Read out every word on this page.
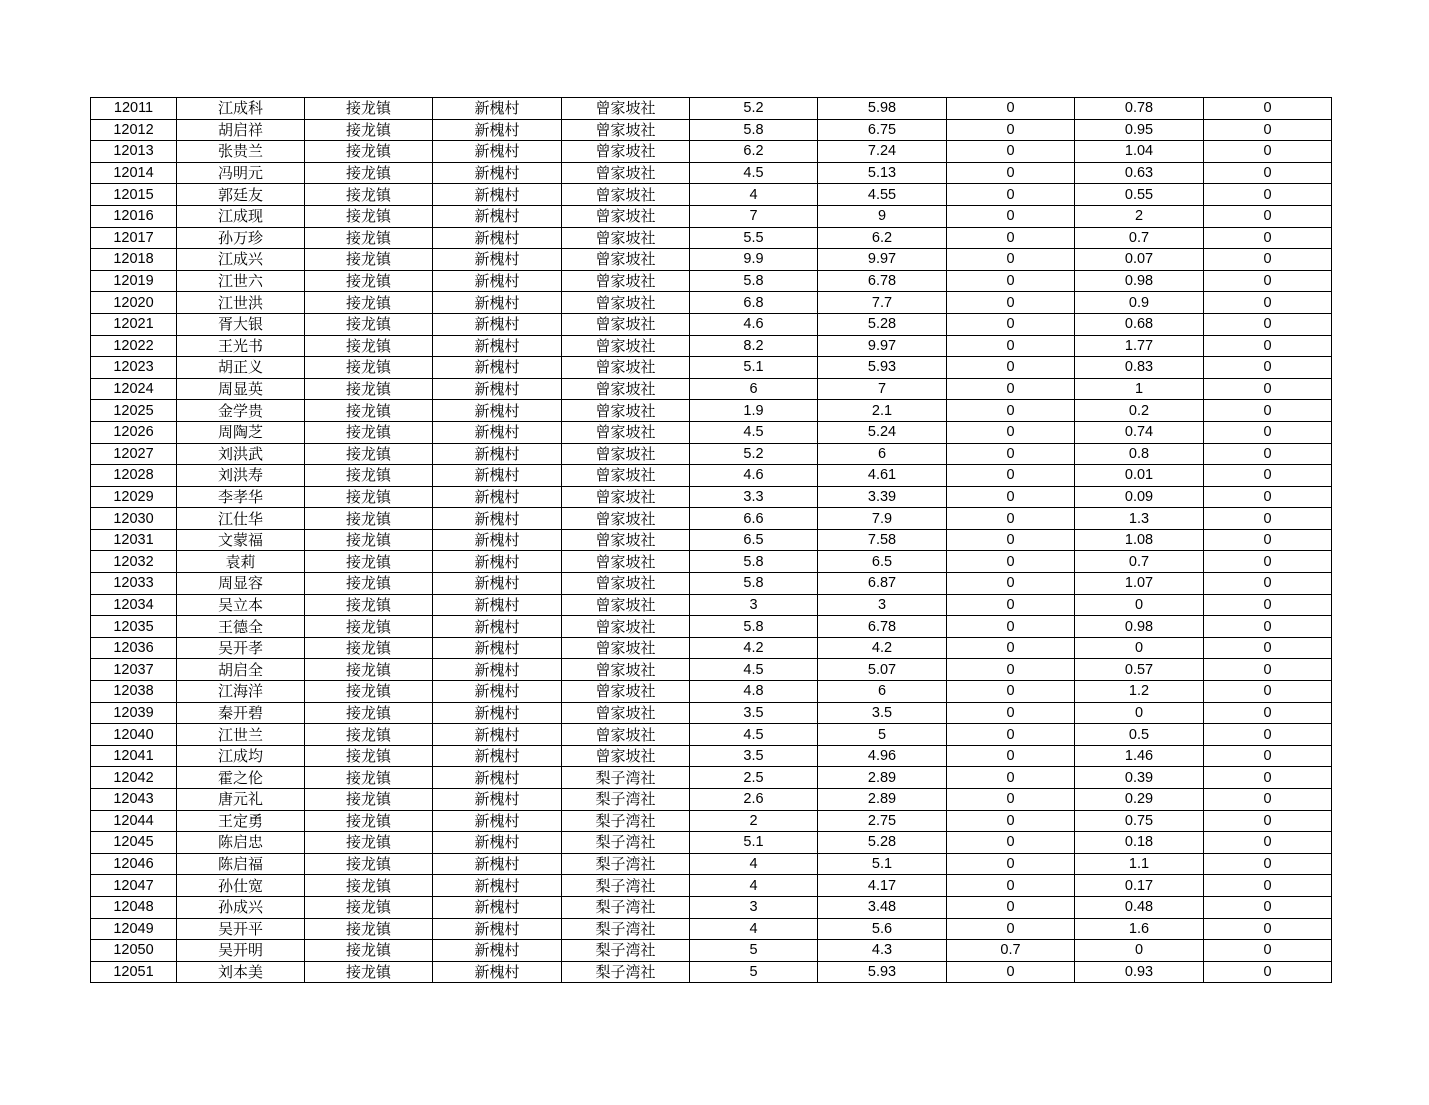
12011	江成科	接龙镇	新槐村	曾家坡社	5.2	5.98	0	0.78	0
12012	胡启祥	接龙镇	新槐村	曾家坡社	5.8	6.75	0	0.95	0
12013	张贵兰	接龙镇	新槐村	曾家坡社	6.2	7.24	0	1.04	0
12014	冯明元	接龙镇	新槐村	曾家坡社	4.5	5.13	0	0.63	0
12015	郭廷友	接龙镇	新槐村	曾家坡社	4	4.55	0	0.55	0
12016	江成现	接龙镇	新槐村	曾家坡社	7	9	0	2	0
12017	孙万珍	接龙镇	新槐村	曾家坡社	5.5	6.2	0	0.7	0
12018	江成兴	接龙镇	新槐村	曾家坡社	9.9	9.97	0	0.07	0
12019	江世六	接龙镇	新槐村	曾家坡社	5.8	6.78	0	0.98	0
12020	江世洪	接龙镇	新槐村	曾家坡社	6.8	7.7	0	0.9	0
12021	胥大银	接龙镇	新槐村	曾家坡社	4.6	5.28	0	0.68	0
12022	王光书	接龙镇	新槐村	曾家坡社	8.2	9.97	0	1.77	0
12023	胡正义	接龙镇	新槐村	曾家坡社	5.1	5.93	0	0.83	0
12024	周显英	接龙镇	新槐村	曾家坡社	6	7	0	1	0
12025	金学贵	接龙镇	新槐村	曾家坡社	1.9	2.1	0	0.2	0
12026	周陶芝	接龙镇	新槐村	曾家坡社	4.5	5.24	0	0.74	0
12027	刘洪武	接龙镇	新槐村	曾家坡社	5.2	6	0	0.8	0
12028	刘洪寿	接龙镇	新槐村	曾家坡社	4.6	4.61	0	0.01	0
12029	李孝华	接龙镇	新槐村	曾家坡社	3.3	3.39	0	0.09	0
12030	江仕华	接龙镇	新槐村	曾家坡社	6.6	7.9	0	1.3	0
12031	文蒙福	接龙镇	新槐村	曾家坡社	6.5	7.58	0	1.08	0
12032	袁莉	接龙镇	新槐村	曾家坡社	5.8	6.5	0	0.7	0
12033	周显容	接龙镇	新槐村	曾家坡社	5.8	6.87	0	1.07	0
12034	吴立本	接龙镇	新槐村	曾家坡社	3	3	0	0	0
12035	王德全	接龙镇	新槐村	曾家坡社	5.8	6.78	0	0.98	0
12036	吴开孝	接龙镇	新槐村	曾家坡社	4.2	4.2	0	0	0
12037	胡启全	接龙镇	新槐村	曾家坡社	4.5	5.07	0	0.57	0
12038	江海洋	接龙镇	新槐村	曾家坡社	4.8	6	0	1.2	0
12039	秦开碧	接龙镇	新槐村	曾家坡社	3.5	3.5	0	0	0
12040	江世兰	接龙镇	新槐村	曾家坡社	4.5	5	0	0.5	0
12041	江成均	接龙镇	新槐村	曾家坡社	3.5	4.96	0	1.46	0
12042	霍之伦	接龙镇	新槐村	梨子湾社	2.5	2.89	0	0.39	0
12043	唐元礼	接龙镇	新槐村	梨子湾社	2.6	2.89	0	0.29	0
12044	王定勇	接龙镇	新槐村	梨子湾社	2	2.75	0	0.75	0
12045	陈启忠	接龙镇	新槐村	梨子湾社	5.1	5.28	0	0.18	0
12046	陈启福	接龙镇	新槐村	梨子湾社	4	5.1	0	1.1	0
12047	孙仕宽	接龙镇	新槐村	梨子湾社	4	4.17	0	0.17	0
12048	孙成兴	接龙镇	新槐村	梨子湾社	3	3.48	0	0.48	0
12049	吴开平	接龙镇	新槐村	梨子湾社	4	5.6	0	1.6	0
12050	吴开明	接龙镇	新槐村	梨子湾社	5	4.3	0.7	0	0
12051	刘本美	接龙镇	新槐村	梨子湾社	5	5.93	0	0.93	0
